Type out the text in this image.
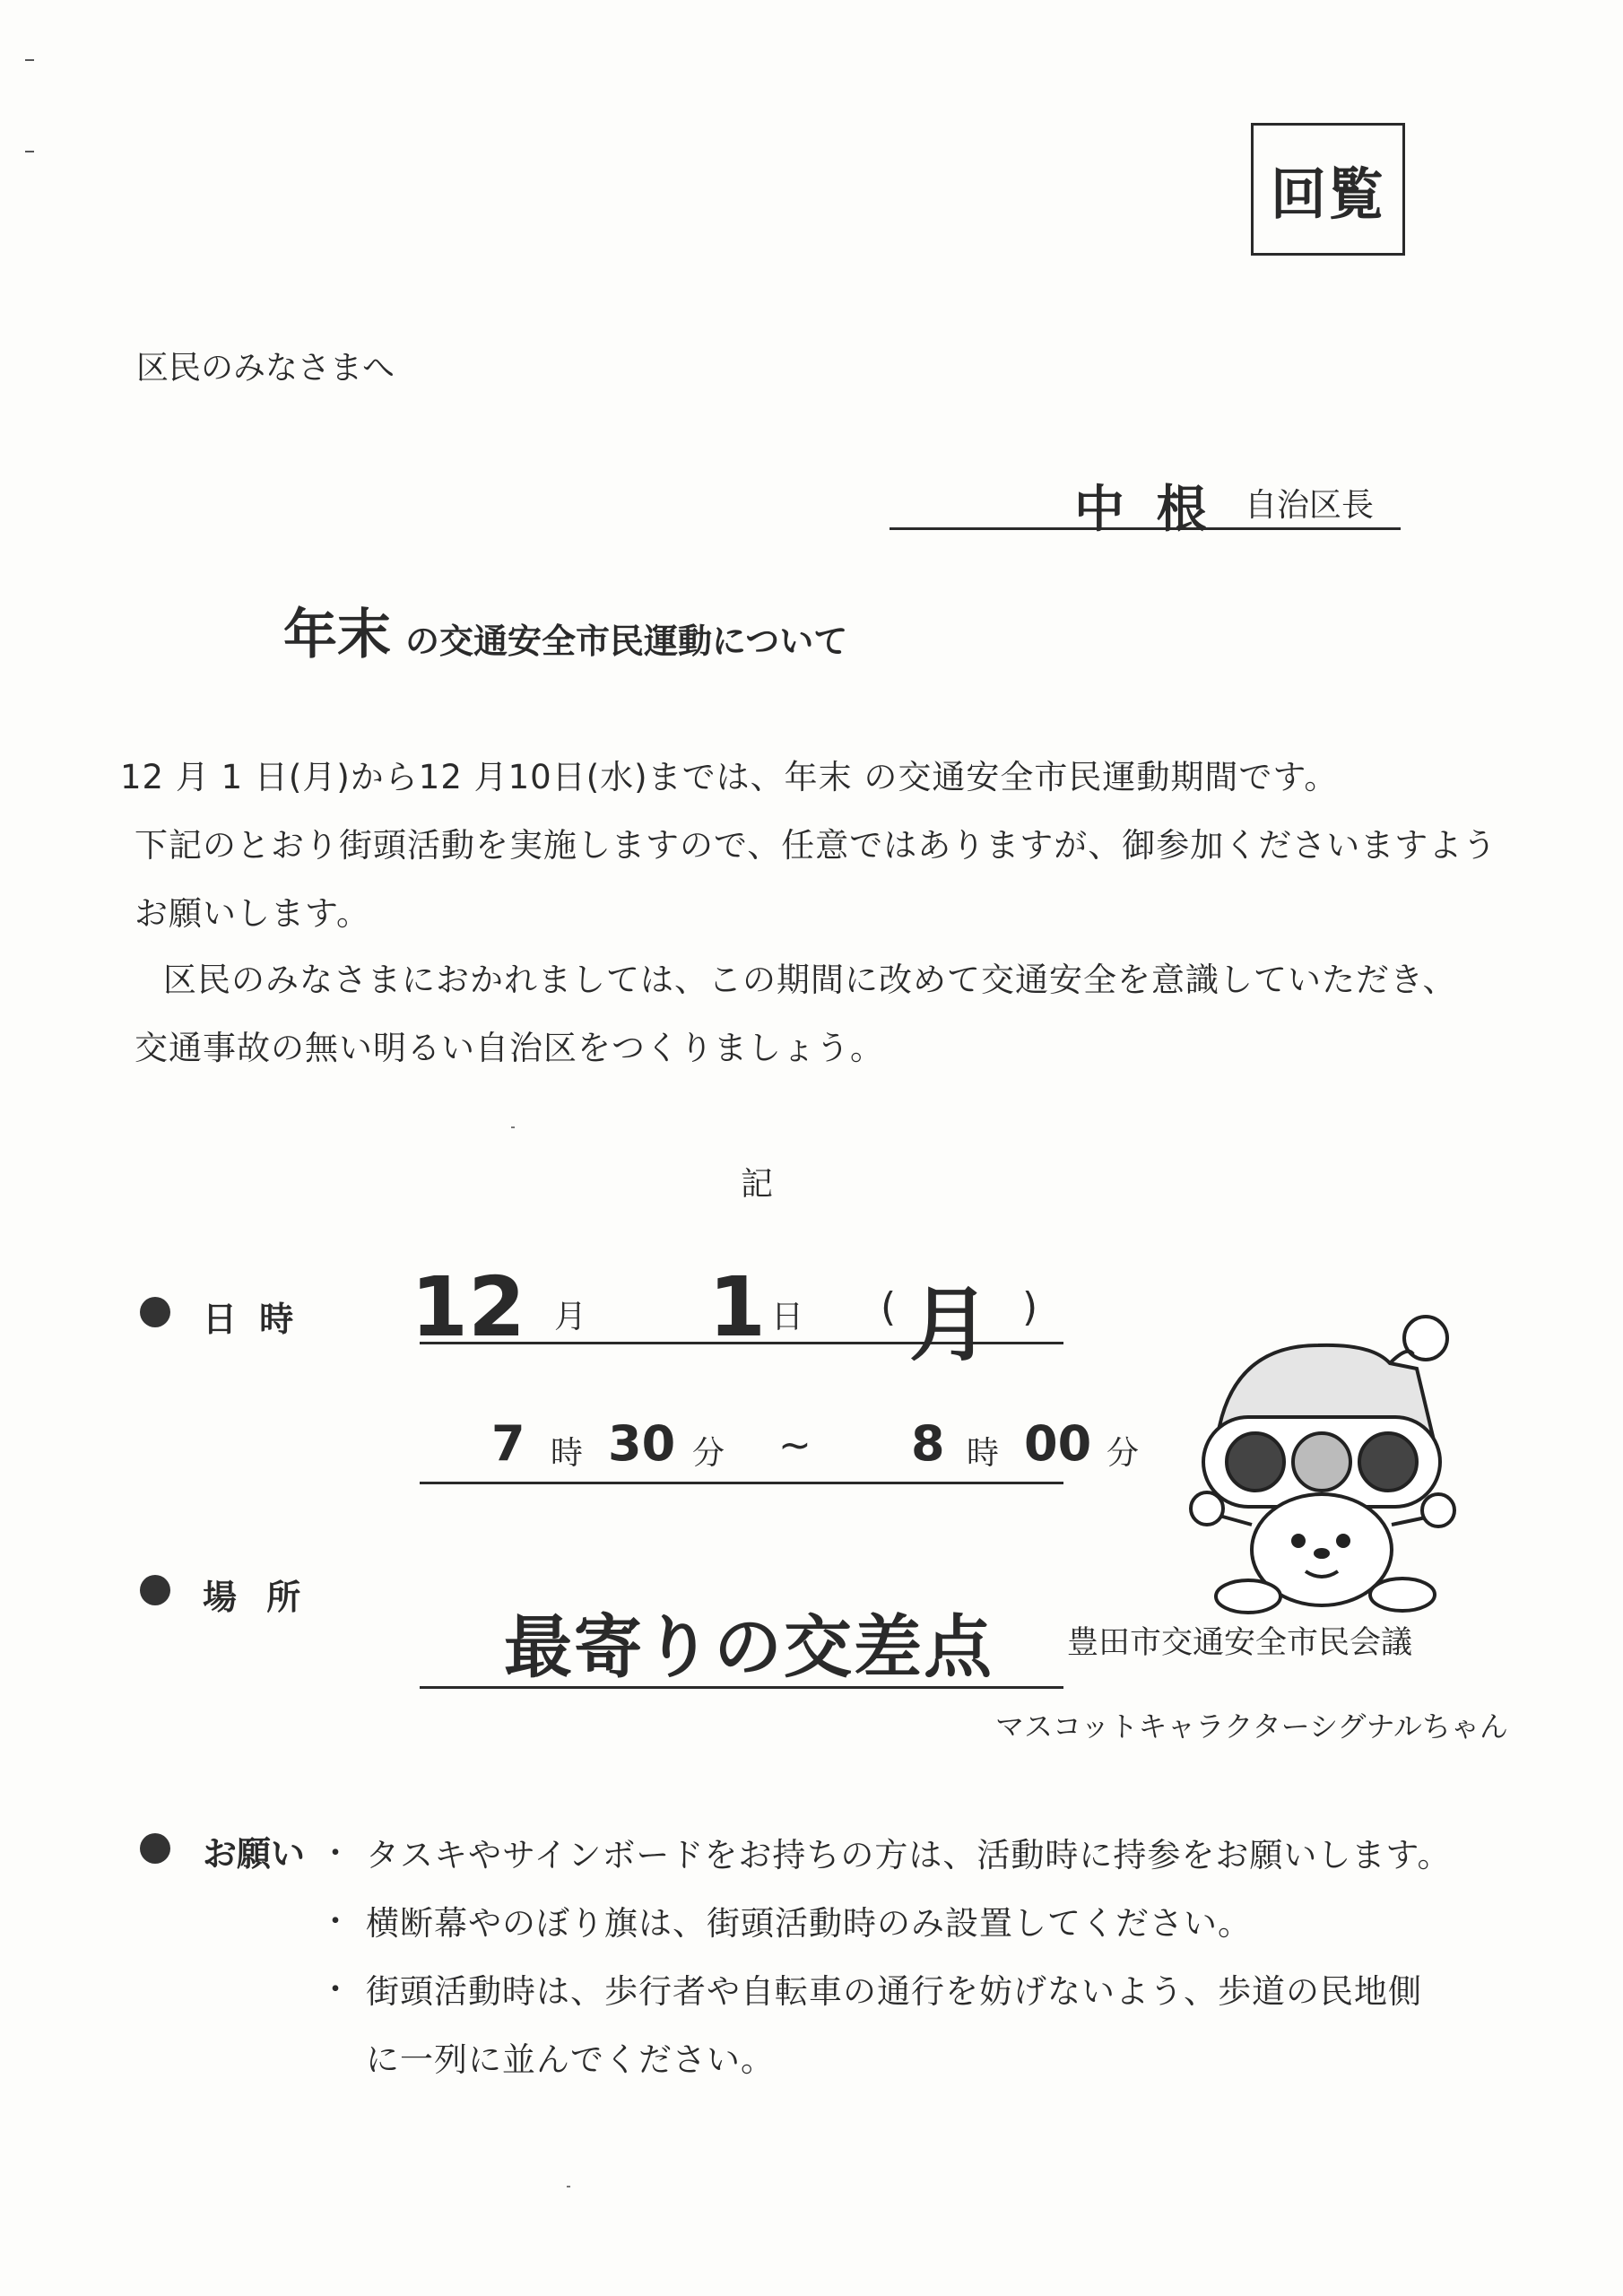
回覧
区民のみなさまへ
中 根 自治区長
年末 の交通安全市民運動について
12 月 1 日(月)から12 月10日(水)までは、年末 の交通安全市民運動期間です。
下記のとおり街頭活動を実施しますので、任意ではありますが、御参加くださいますよう
お願いします。
区民のみなさまにおかれましては、この期間に改めて交通安全を意識していただき、
交通事故の無い明るい自治区をつくりましょう。
記
日 時 12 月 1 日 ( 月 )
7 時 30 分 ~ 8 時 00 分
場 所
最寄りの交差点 豊田市交通安全市民会議
マスコットキャラクターシグナルちゃん
お願い ・ タスキやサインボードをお持ちの方は、活動時に持参をお願いします。
・ 横断幕やのぼり旗は、街頭活動時のみ設置してください。
・ 街頭活動時は、歩行者や自転車の通行を妨げないよう、歩道の民地側
に一列に並んでください。
